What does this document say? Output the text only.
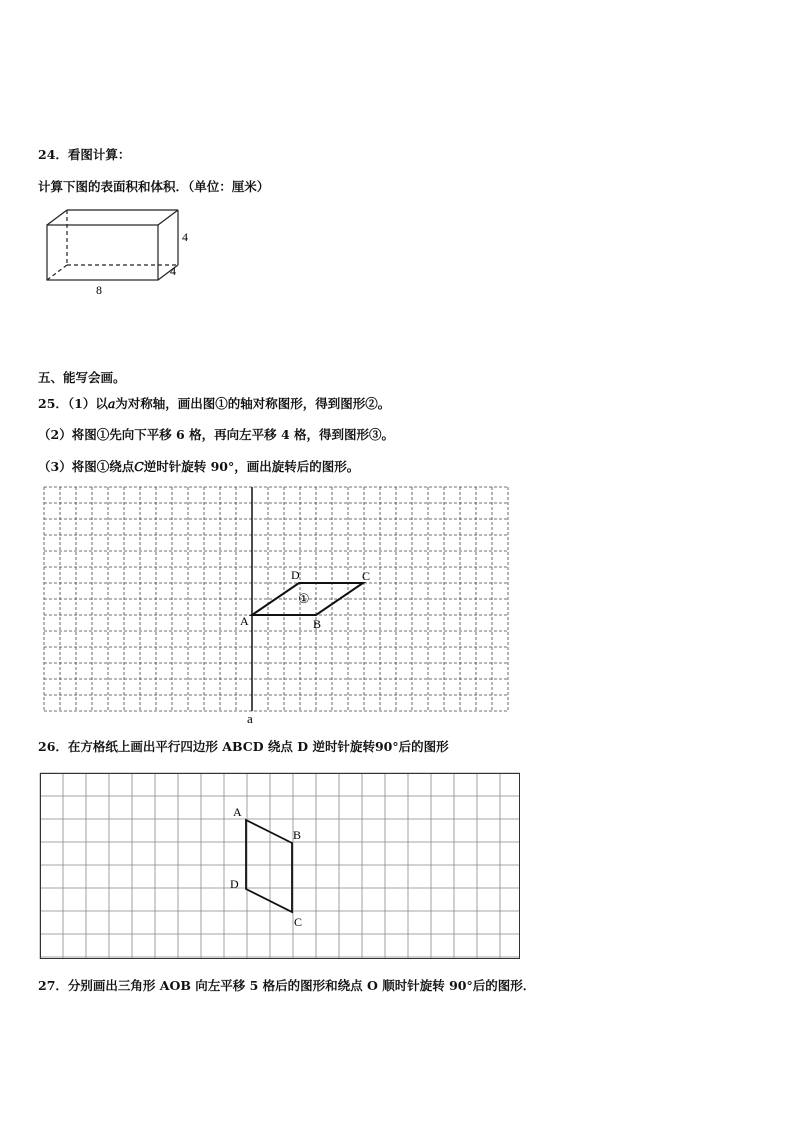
24．看图计算：
计算下图的表面积和体积．（单位：厘米）
4
4
8
五、能写会画。
25．（1）以𝑎为对称轴，画出图①的轴对称图形，得到图形②。
（2）将图①先向下平移 6 格，再向左平移 4 格，得到图形③。
（3）将图①绕点𝐶逆时针旋转 90°，画出旋转后的图形。
D	C
A	B
①
a
26．在方格纸上画出平行四边形 ABCD 绕点 D 逆时针旋转90°后的图形
A
B
D
C
27．分别画出三角形 AOB 向左平移 5 格后的图形和绕点 O 顺时针旋转 90°后的图形．
